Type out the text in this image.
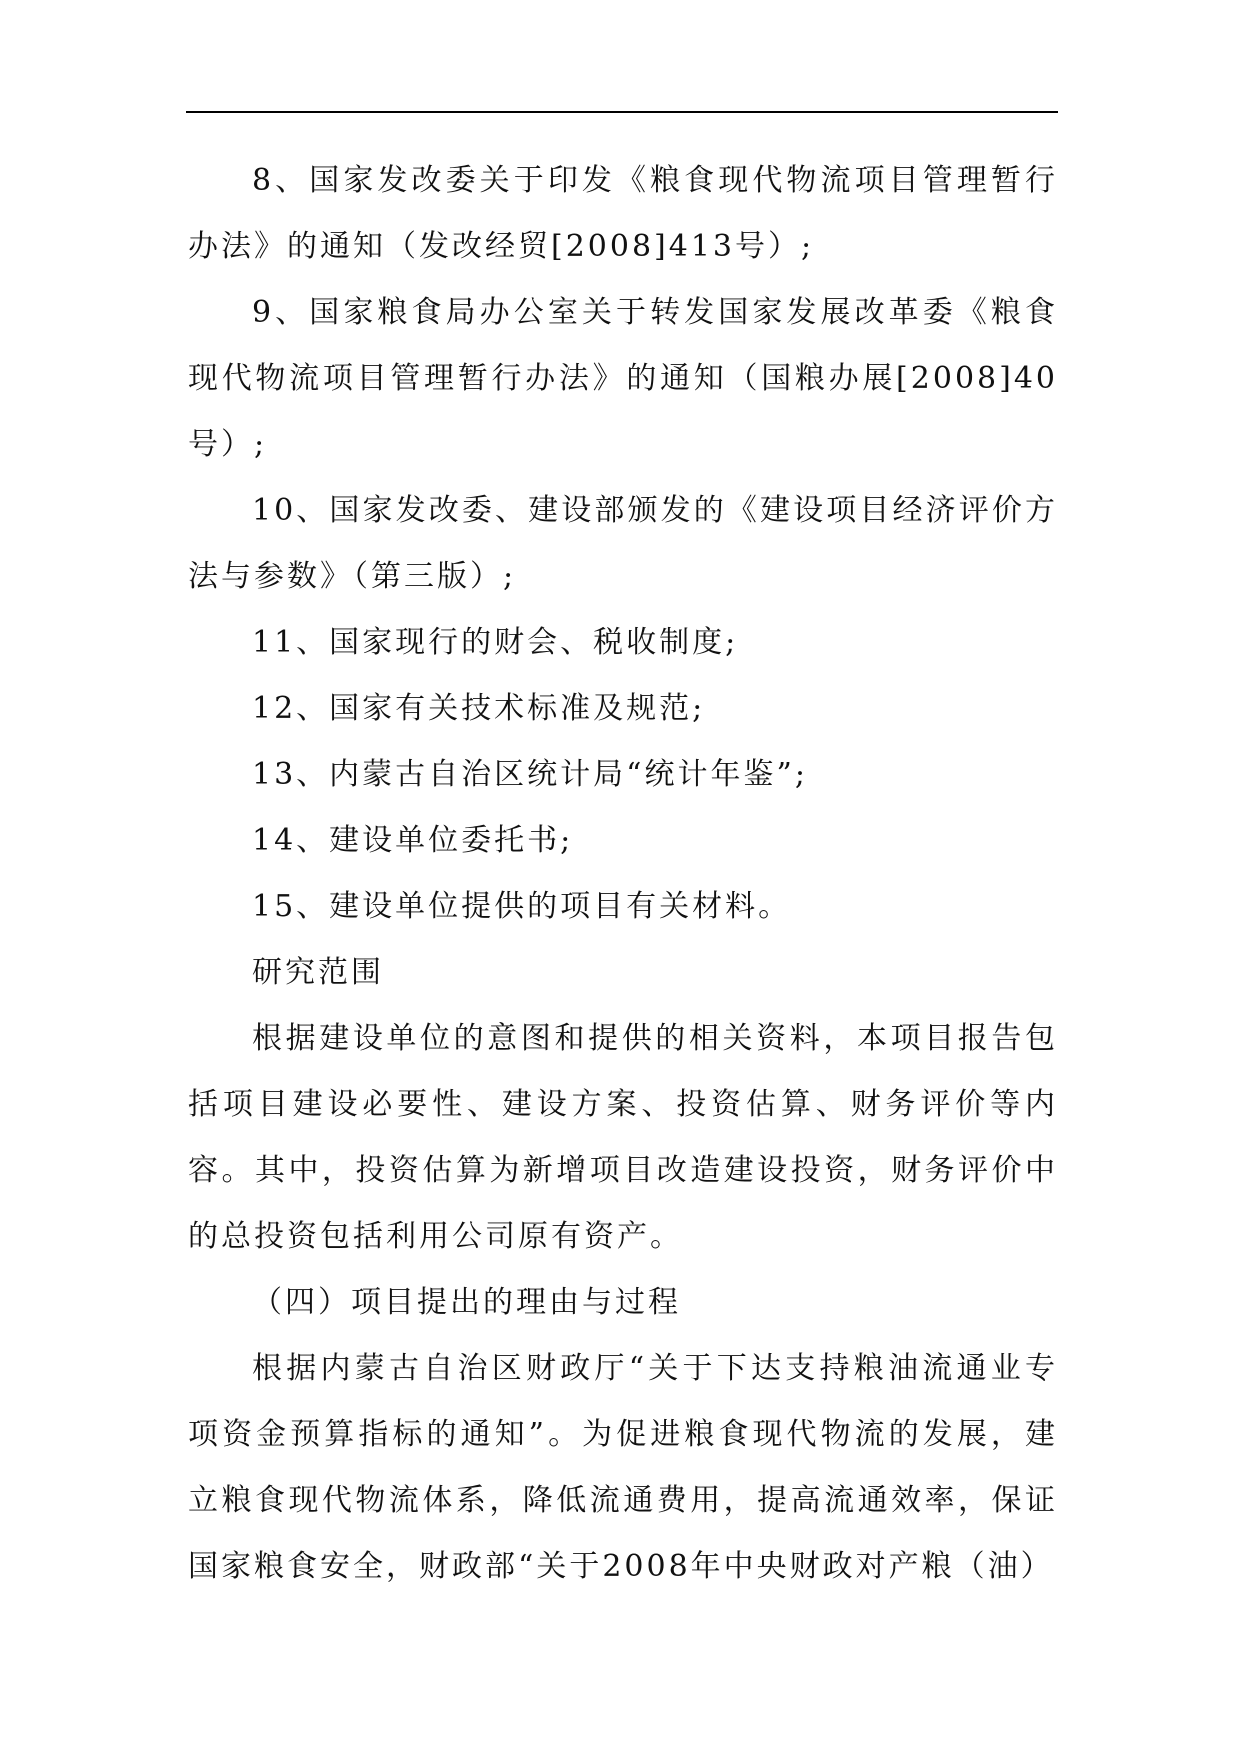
8、国家发改委关于印发《粮食现代物流项目管理暂行办法》的通知（发改经贸[2008]413号）;

9、国家粮食局办公室关于转发国家发展改革委《粮食现代物流项目管理暂行办法》的通知（国粮办展[2008]40号）;

10、国家发改委、建设部颁发的《建设项目经济评价方法与参数》（第三版）;

11、国家现行的财会、税收制度;

12、国家有关技术标准及规范;

13、内蒙古自治区统计局“统计年鉴”;

14、建设单位委托书;

15、建设单位提供的项目有关材料。

研究范围

根据建设单位的意图和提供的相关资料，本项目报告包括项目建设必要性、建设方案、投资估算、财务评价等内容。其中，投资估算为新增项目改造建设投资，财务评价中的总投资包括利用公司原有资产。

（四）项目提出的理由与过程

根据内蒙古自治区财政厅“关于下达支持粮油流通业专项资金预算指标的通知”。为促进粮食现代物流的发展，建立粮食现代物流体系，降低流通费用，提高流通效率，保证国家粮食安全，财政部“关于2008年中央财政对产粮（油）
